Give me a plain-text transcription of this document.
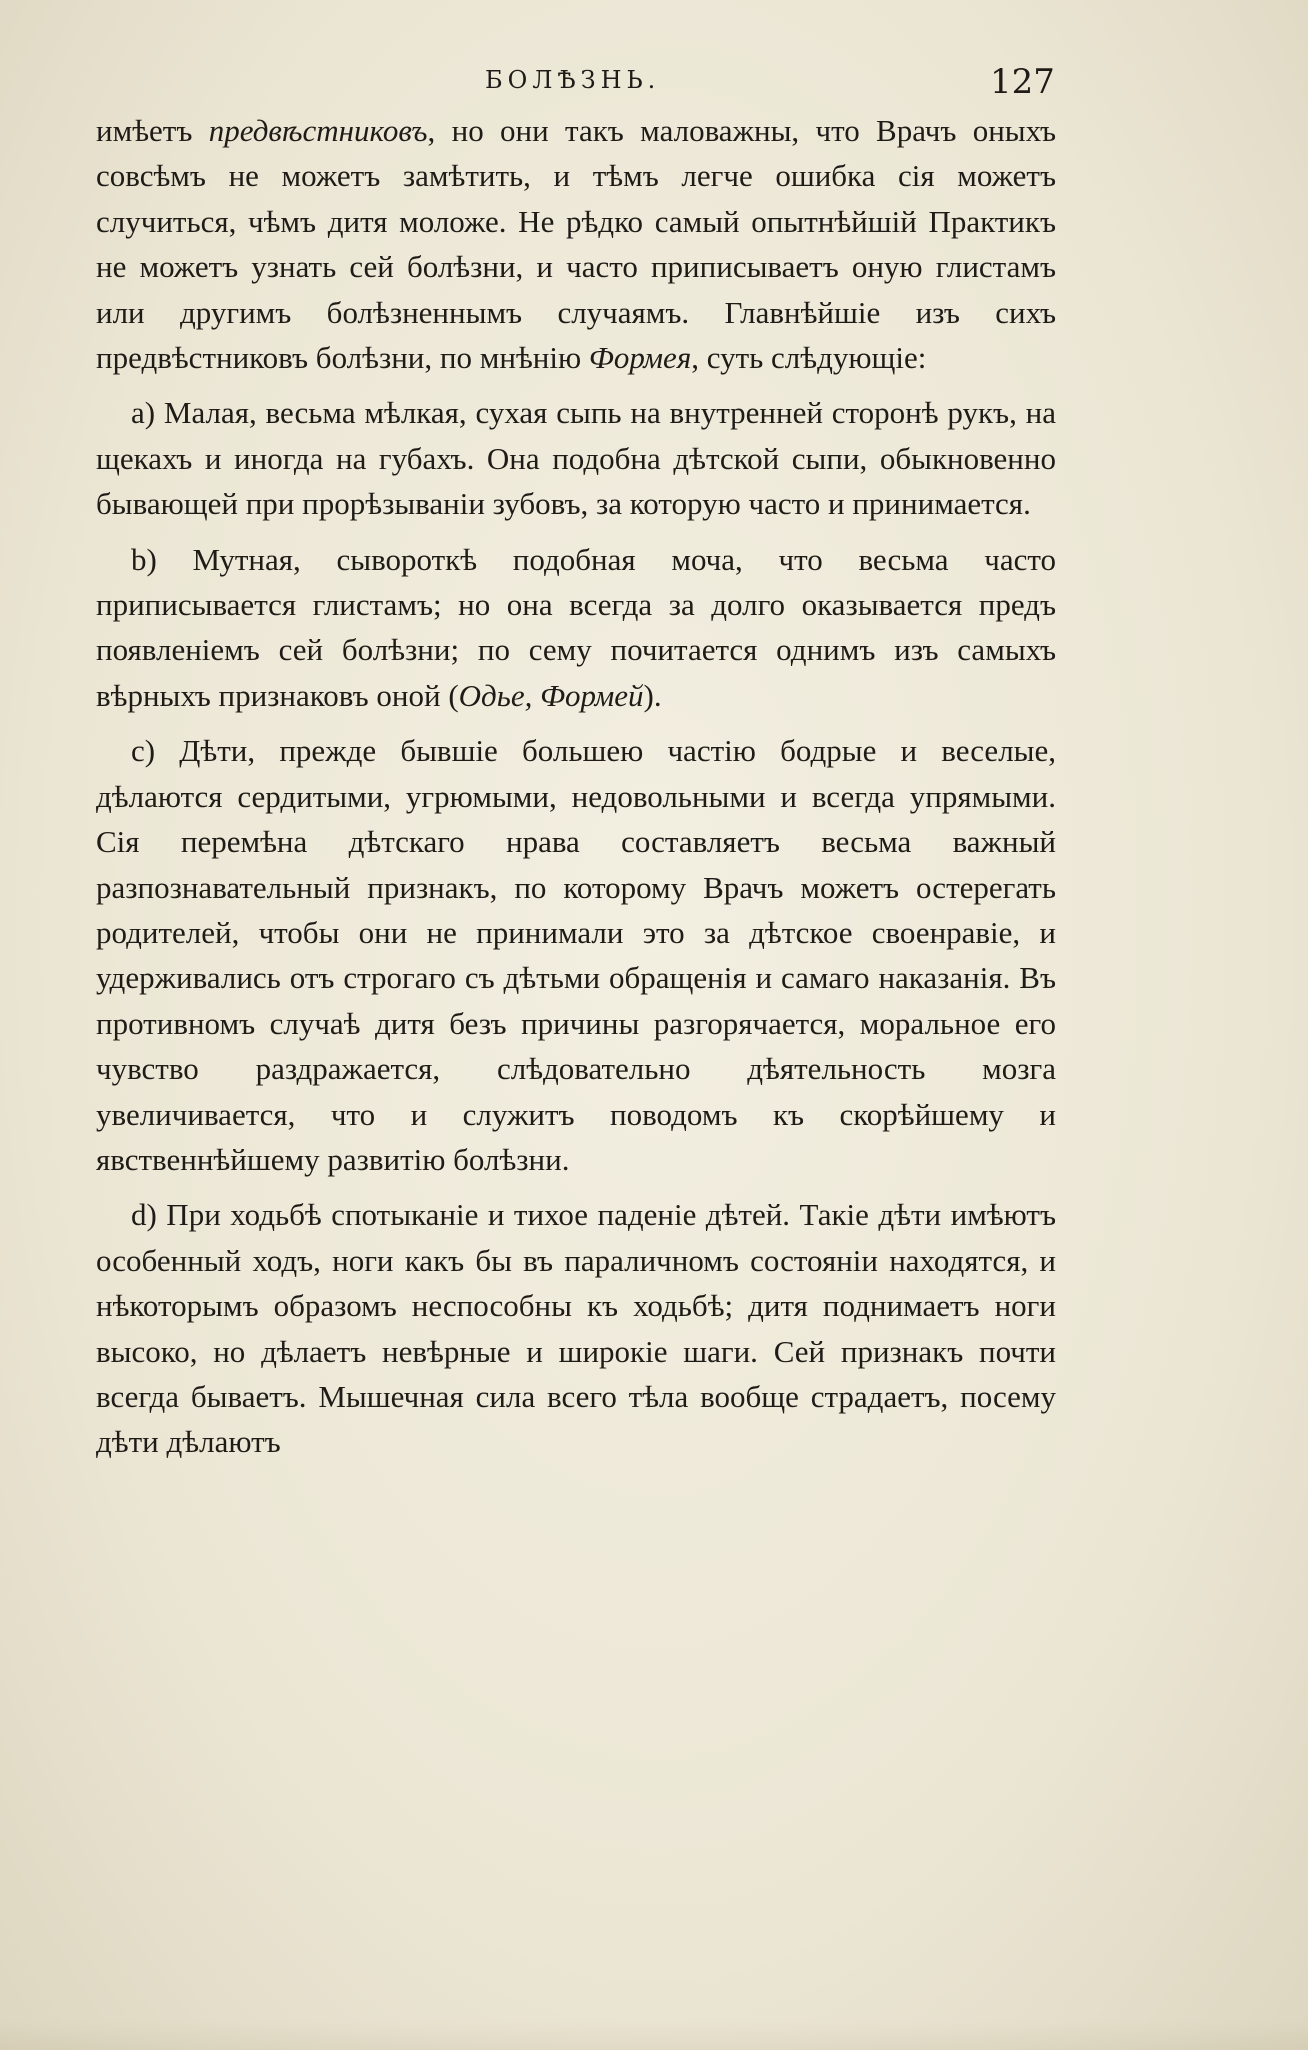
БОЛѢЗНЬ.	127

имѣетъ предвѣстниковъ, но они такъ маловажны, что Врачъ оныхъ совсѣмъ не можетъ замѣтить, и тѣмъ легче ошибка сія можетъ случиться, чѣмъ дитя моложе. Не рѣдко самый опытнѣйшій Практикъ не можетъ узнать сей болѣзни, и часто приписываетъ оную глистамъ или другимъ болѣзненнымъ случаямъ. Главнѣйшіе изъ сихъ предвѣстниковъ болѣзни, по мнѣнію Формея, суть слѣдующіе:

a) Малая, весьма мѣлкая, сухая сыпь на внутренней сторонѣ рукъ, на щекахъ и иногда на губахъ. Она подобна дѣтской сыпи, обыкновенно бывающей при прорѣзываніи зубовъ, за которую часто и принимается.

b) Мутная, сывороткѣ подобная моча, что весьма часто приписывается глистамъ; но она всегда за долго оказывается предъ появленіемъ сей болѣзни; по сему почитается однимъ изъ самыхъ вѣрныхъ признаковъ оной (Одье, Формей).

c) Дѣти, прежде бывшіе большею частію бодрые и веселые, дѣлаются сердитыми, угрюмыми, недовольными и всегда упрямыми. Сія перемѣна дѣтскаго нрава составляетъ весьма важный разпознавательный признакъ, по которому Врачъ можетъ остерегать родителей, чтобы они не принимали это за дѣтское своенравіе, и удерживались отъ строгаго съ дѣтьми обращенія и самаго наказанія. Въ противномъ случаѣ дитя безъ причины разгорячается, моральное его чувство раздражается, слѣдовательно дѣятельность мозга увеличивается, что и служитъ поводомъ къ скорѣйшему и явственнѣйшему развитію болѣзни.

d) При ходьбѣ спотыканіе и тихое паденіе дѣтей. Такіе дѣти имѣютъ особенный ходъ, ноги какъ бы въ параличномъ состояніи находятся, и нѣкоторымъ образомъ неспособны къ ходьбѣ; дитя поднимаетъ ноги высоко, но дѣлаетъ невѣрные и широкіе шаги. Сей признакъ почти всегда бываетъ. Мышечная сила всего тѣла вообще страдаетъ, посему дѣти дѣлаютъ
